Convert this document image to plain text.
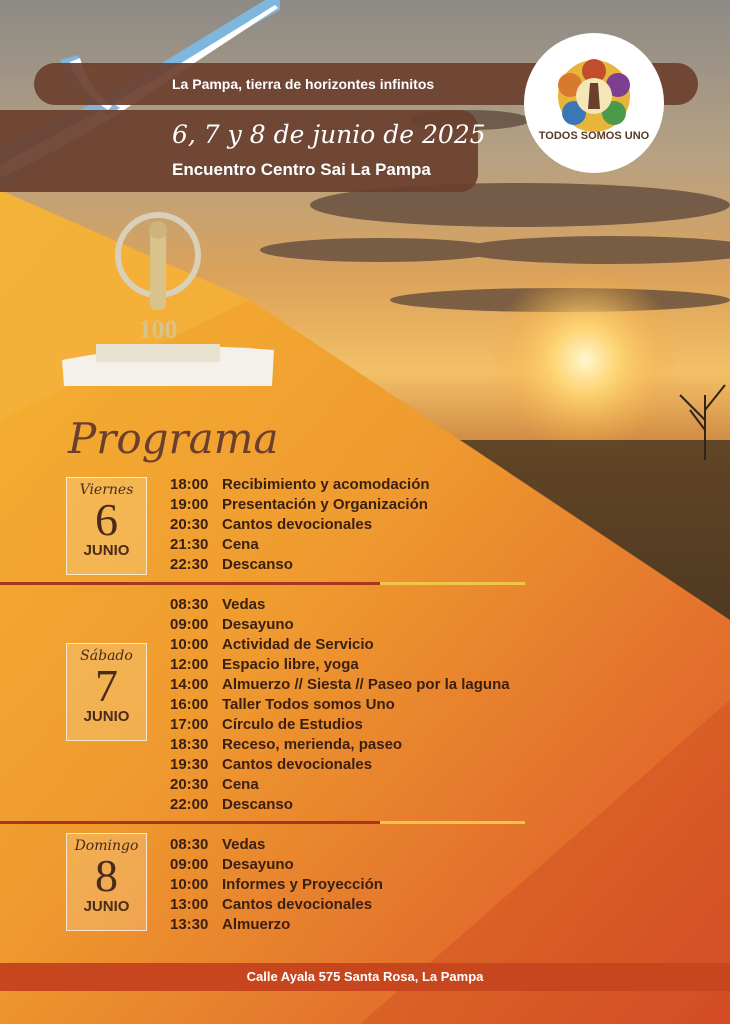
La Pampa, tierra de horizontes infinitos
6, 7 y 8 de junio de 2025
Encuentro Centro Sai La Pampa
TODOS SOMOS UNO
100
Programa
Viernes
6
JUNIO
18:00 Recibimiento y acomodación
19:00 Presentación y Organización
20:30 Cantos devocionales
21:30 Cena
22:30 Descanso
Sábado
7
JUNIO
08:30 Vedas
09:00 Desayuno
10:00 Actividad de Servicio
12:00 Espacio libre, yoga
14:00 Almuerzo // Siesta // Paseo por la laguna
16:00 Taller Todos somos Uno
17:00 Círculo de Estudios
18:30 Receso, merienda, paseo
19:30 Cantos devocionales
20:30 Cena
22:00 Descanso
Domingo
8
JUNIO
08:30 Vedas
09:00 Desayuno
10:00 Informes y Proyección
13:00 Cantos devocionales
13:30 Almuerzo
Calle Ayala 575 Santa Rosa, La Pampa
